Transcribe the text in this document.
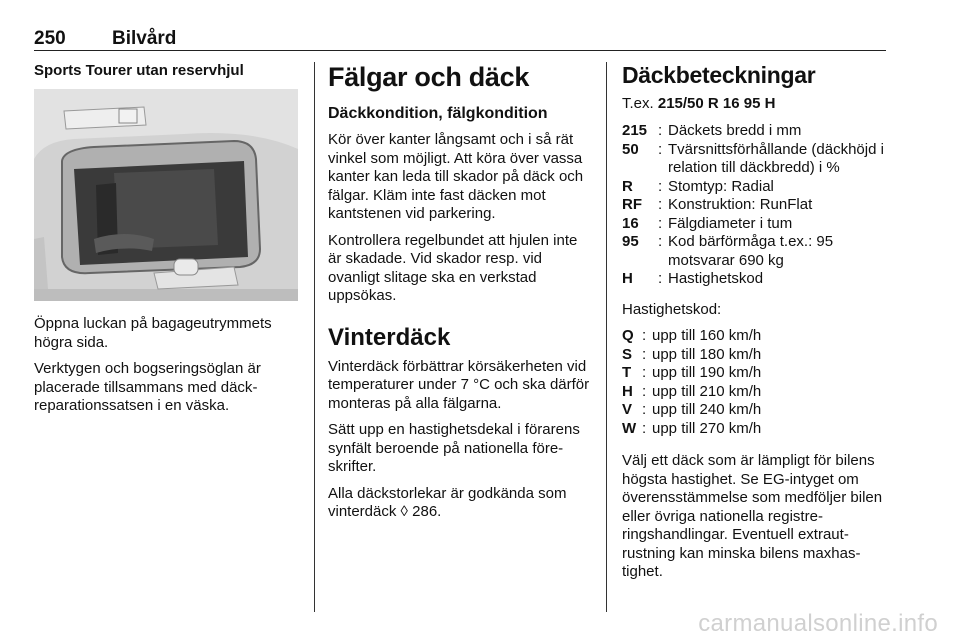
250 Bilvård
Sports Tourer utan reservhjul

Öppna luckan på bagageutrymmets högra sida.

Verktygen och bogseringsöglan är placerade tillsammans med däckreparationssatsen i en väska.

Fälgar och däck
Däckkondition, fälgkondition

Kör över kanter långsamt och i så rät vinkel som möjligt. Att köra över vassa kanter kan leda till skador på däck och fälgar. Kläm inte fast däcken mot kantstenen vid parkering.

Kontrollera regelbundet att hjulen inte är skadade. Vid skador resp. vid ovanligt slitage ska en verkstad uppsökas.

Vinterdäck

Vinterdäck förbättrar körsäkerheten vid temperaturer under 7 °C och ska därför monteras på alla fälgarna.

Sätt upp en hastighetsdekal i förarens synfält beroende på nationella föreskrifter.

Alla däckstorlekar är godkända som vinterdäck ◊ 286.

Däckbeteckningar
T.ex. 215/50 R 16 95 H
215 : Däckets bredd i mm
50	: Tvärsnittsförhållande (däckhöjd i relation till däckbredd) i %
R	: Stomtyp: Radial
RF	: Konstruktion: RunFlat
16	: Fälgdiameter i tum
95	: Kod bärförmåga t.ex.: 95 motsvarar 690 kg
H	: Hastighetskod

Hastighetskod:

Q : upp till 160 km/h
S : upp till 180 km/h
T : upp till 190 km/h
H : upp till 210 km/h
V : upp till 240 km/h
W : upp till 270 km/h

Välj ett däck som är lämpligt för bilens högsta hastighet. Se EG-intyget om överensstämmelse som medföljer bilen eller övriga nationella registreringshandlingar. Eventuell extrautrustning kan minska bilens maxhastighet.

carmanualsonline.info
